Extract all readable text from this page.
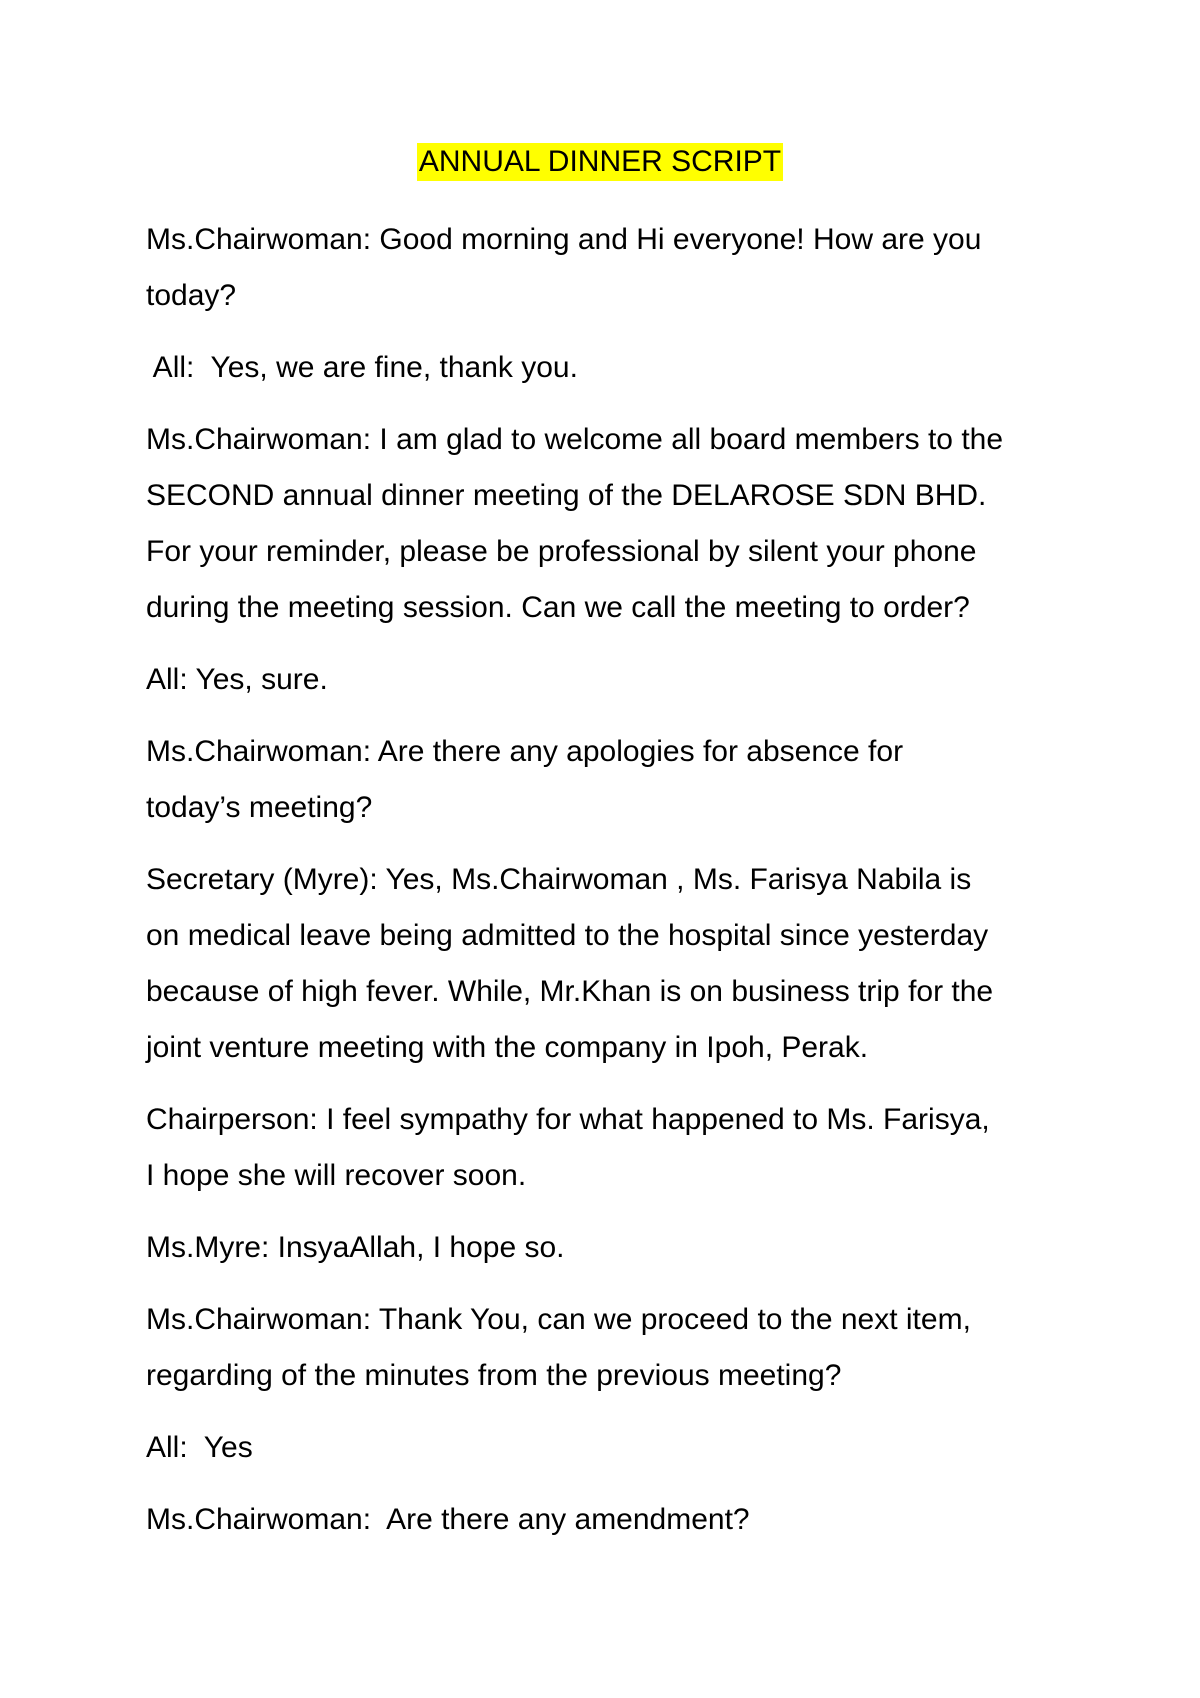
ANNUAL DINNER SCRIPT

Ms.Chairwoman: Good morning and Hi everyone! How are you
today?

All:  Yes, we are fine, thank you.

Ms.Chairwoman: I am glad to welcome all board members to the
SECOND annual dinner meeting of the DELAROSE SDN BHD.
For your reminder, please be professional by silent your phone
during the meeting session. Can we call the meeting to order?

All: Yes, sure.

Ms.Chairwoman: Are there any apologies for absence for
today’s meeting?

Secretary (Myre): Yes, Ms.Chairwoman , Ms. Farisya Nabila is
on medical leave being admitted to the hospital since yesterday
because of high fever. While, Mr.Khan is on business trip for the
joint venture meeting with the company in Ipoh, Perak.

Chairperson: I feel sympathy for what happened to Ms. Farisya,
I hope she will recover soon.

Ms.Myre: InsyaAllah, I hope so.

Ms.Chairwoman: Thank You, can we proceed to the next item,
regarding of the minutes from the previous meeting?

All:  Yes

Ms.Chairwoman:  Are there any amendment?
